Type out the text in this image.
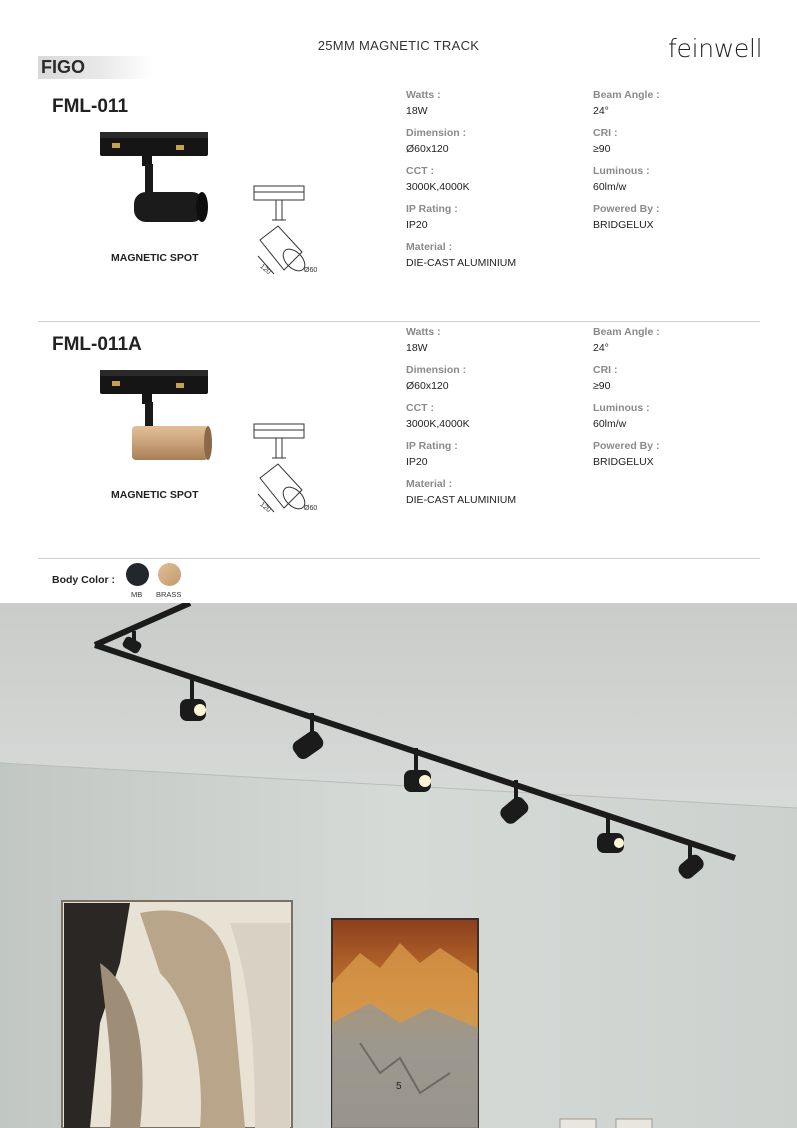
25MM MAGNETIC TRACK	feinwell
FIGO
FML-011
MAGNETIC SPOT
120	Ø60
Watts :
18W
Dimension :
Ø60x120
CCT :
3000K,4000K
IP Rating :
IP20
Material :
DIE-CAST ALUMINIUM
Beam Angle :
24°
CRI :
≥90
Luminous :
60lm/w
Powered By :
BRIDGELUX
FML-011A
MAGNETIC SPOT
120	Ø60
Watts :
18W
Dimension :
Ø60x120
CCT :
3000K,4000K
IP Rating :
IP20
Material :
DIE-CAST ALUMINIUM
Beam Angle :
24°
CRI :
≥90
Luminous :
60lm/w
Powered By :
BRIDGELUX
Body Color :
MB BRASS
5
